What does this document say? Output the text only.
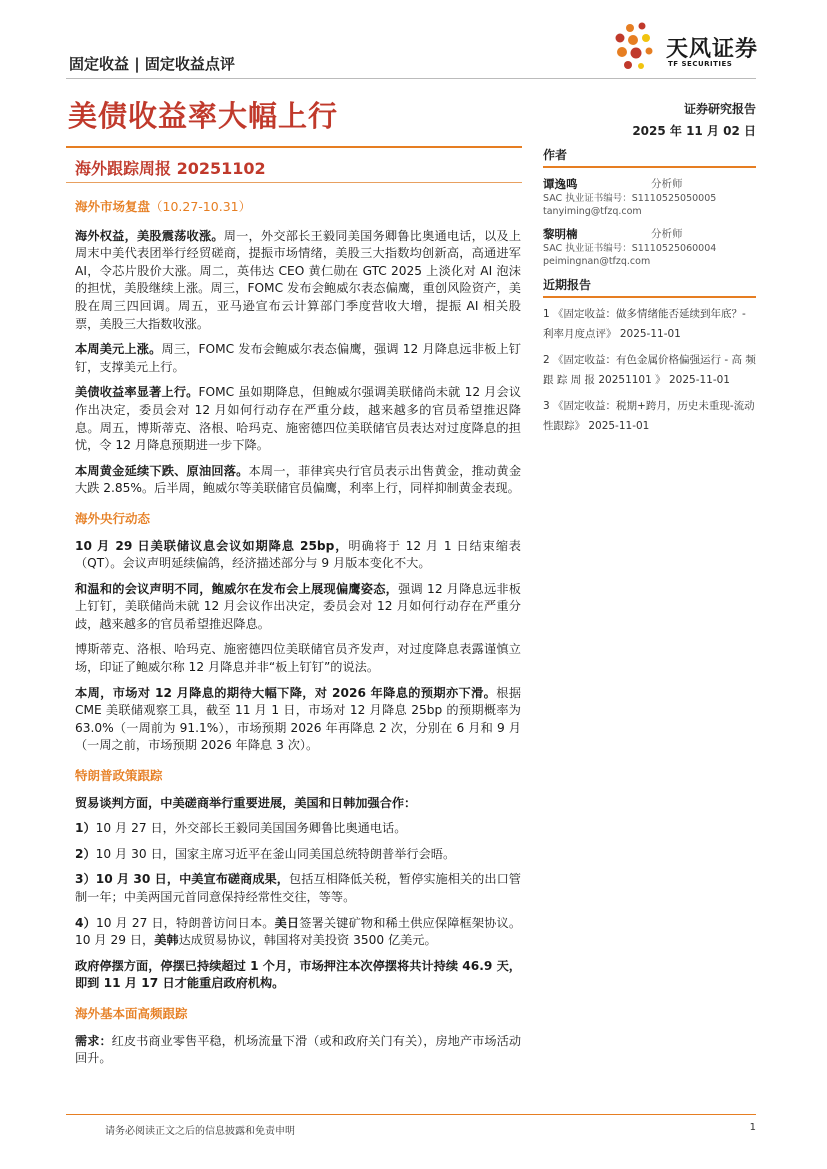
固定收益 | 固定收益点评
天风证券
TF SECURITIES
美债收益率大幅上行	证券研究报告
2025 年 11 月 02 日
海外跟踪周报 20251102
作者
谭逸鸣	分析师
SAC 执业证书编号：S1110525050005
tanyiming@tfzq.com
黎明楠	分析师
SAC 执业证书编号：S1110525060004
peimingnan@tfzq.com
近期报告
1 《固定收益：做多情绪能否延续到年底？-利率月度点评》 2025-11-01
2 《固定收益：有色金属价格偏强运行 - 高 频 跟 踪 周 报 20251101 》 2025-11-01
3 《固定收益：税期+跨月，历史未重现-流动性跟踪》 2025-11-01
海外市场复盘（10.27-10.31）
海外权益，美股震荡收涨。周一，外交部长王毅同美国务卿鲁比奥通电话，以及上周末中美代表团举行经贸磋商，提振市场情绪，美股三大指数均创新高，高通进军 AI，令芯片股价大涨。周二，英伟达 CEO 黄仁勋在 GTC 2025 上淡化对 AI 泡沫的担忧，美股继续上涨。周三，FOMC 发布会鲍威尔表态偏鹰，重创风险资产，美股在周三四回调。周五，亚马逊宣布云计算部门季度营收大增，提振 AI 相关股票，美股三大指数收涨。
本周美元上涨。周三，FOMC 发布会鲍威尔表态偏鹰，强调 12 月降息远非板上钉钉，支撑美元上行。
美债收益率显著上行。FOMC 虽如期降息，但鲍威尔强调美联储尚未就 12 月会议作出决定，委员会对 12 月如何行动存在严重分歧，越来越多的官员希望推迟降息。周五，博斯蒂克、洛根、哈玛克、施密德四位美联储官员表达对过度降息的担忧，令 12 月降息预期进一步下降。
本周黄金延续下跌、原油回落。本周一，菲律宾央行官员表示出售黄金，推动黄金大跌 2.85%。后半周，鲍威尔等美联储官员偏鹰，利率上行，同样抑制黄金表现。
海外央行动态
10 月 29 日美联储议息会议如期降息 25bp，明确将于 12 月 1 日结束缩表（QT）。会议声明延续偏鸽，经济描述部分与 9 月版本变化不大。
和温和的会议声明不同，鲍威尔在发布会上展现偏鹰姿态，强调 12 月降息远非板上钉钉，美联储尚未就 12 月会议作出决定，委员会对 12 月如何行动存在严重分歧，越来越多的官员希望推迟降息。
博斯蒂克、洛根、哈玛克、施密德四位美联储官员齐发声，对过度降息表露谨慎立场，印证了鲍威尔称 12 月降息并非“板上钉钉”的说法。
本周，市场对 12 月降息的期待大幅下降，对 2026 年降息的预期亦下滑。根据 CME 美联储观察工具，截至 11 月 1 日，市场对 12 月降息 25bp 的预期概率为 63.0%（一周前为 91.1%），市场预期 2026 年再降息 2 次，分别在 6 月和 9 月（一周之前，市场预期 2026 年降息 3 次）。
特朗普政策跟踪
贸易谈判方面，中美磋商举行重要进展，美国和日韩加强合作：
1）10 月 27 日，外交部长王毅同美国国务卿鲁比奥通电话。
2）10 月 30 日，国家主席习近平在釜山同美国总统特朗普举行会晤。
3）10 月 30 日，中美宣布磋商成果，包括互相降低关税，暂停实施相关的出口管制一年；中美两国元首同意保持经常性交往，等等。
4）10 月 27 日，特朗普访问日本。美日签署关键矿物和稀土供应保障框架协议。10 月 29 日，美韩达成贸易协议，韩国将对美投资 3500 亿美元。
政府停摆方面，停摆已持续超过 1 个月，市场押注本次停摆将共计持续 46.9 天，即到 11 月 17 日才能重启政府机构。
海外基本面高频跟踪
需求：红皮书商业零售平稳，机场流量下滑（或和政府关门有关），房地产市场活动回升。
请务必阅读正文之后的信息披露和免责申明	1
